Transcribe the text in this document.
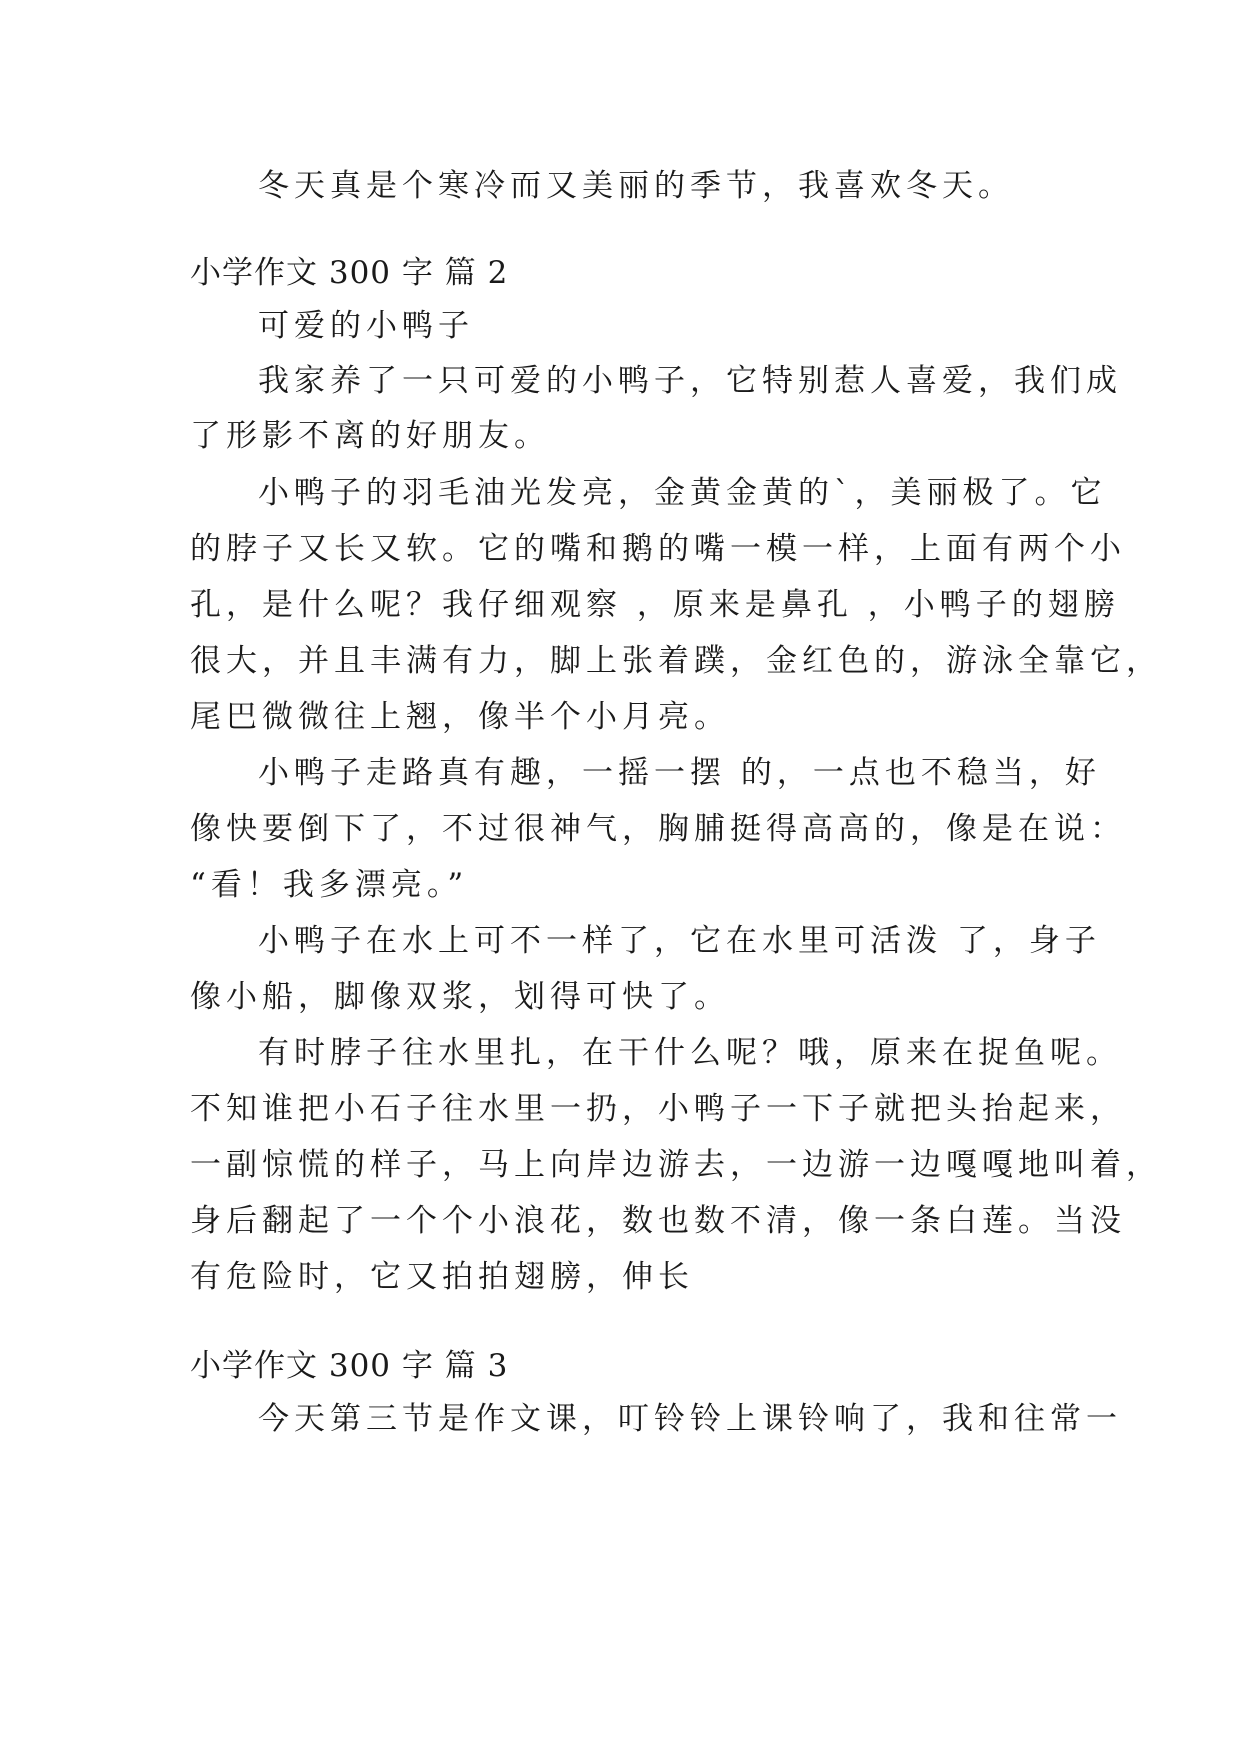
冬天真是个寒冷而又美丽的季节，我喜欢冬天。
小学作文 300 字 篇 2
可爱的小鸭子
我家养了一只可爱的小鸭子，它特别惹人喜爱，我们成
了形影不离的好朋友。
小鸭子的羽毛油光发亮，金黄金黄的`，美丽极了。它
的脖子又长又软。它的嘴和鹅的嘴一模一样，上面有两个小
孔，是什么呢？我仔细观察 ，原来是鼻孔 ，小鸭子的翅膀
很大，并且丰满有力，脚上张着蹼，金红色的，游泳全靠它，
尾巴微微往上翘，像半个小月亮。
小鸭子走路真有趣，一摇一摆 的，一点也不稳当，好
像快要倒下了，不过很神气，胸脯挺得高高的，像是在说：
“看！我多漂亮。”
小鸭子在水上可不一样了，它在水里可活泼 了，身子
像小船，脚像双浆，划得可快了。
有时脖子往水里扎，在干什么呢？哦，原来在捉鱼呢。
不知谁把小石子往水里一扔，小鸭子一下子就把头抬起来，
一副惊慌的样子，马上向岸边游去，一边游一边嘎嘎地叫着，
身后翻起了一个个小浪花，数也数不清，像一条白莲。当没
有危险时，它又拍拍翅膀，伸长
小学作文 300 字 篇 3
今天第三节是作文课，叮铃铃上课铃响了，我和往常一
